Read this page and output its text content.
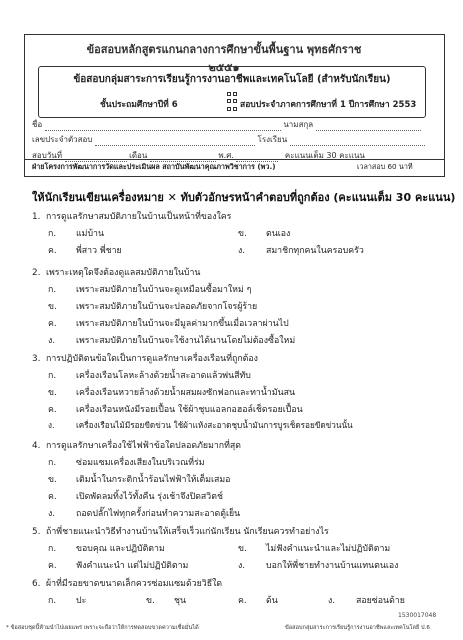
ข้อสอบหลักสูตรแกนกลางการศึกษาขั้นพื้นฐาน พุทธศักราช ๒๕๕๑
ข้อสอบกลุ่มสาระการเรียนรู้การงานอาชีพและเทคโนโลยี (สำหรับนักเรียน)
ชั้นประถมศึกษาปีที่ 6	สอบประจำภาคการศึกษาที่ 1 ปีการศึกษา 2553
ชื่อ	นามสกุล
เลขประจำตัวสอบ	โรงเรียน
สอบวันที่	เดือน	พ.ศ.	คะแนนเต็ม 30 คะแนน
ฝ่ายโครงการพัฒนาการวัดและประเมินผล สถาบันพัฒนาคุณภาพวิชาการ (พว.)	เวลาสอบ 60 นาที
ให้นักเรียนเขียนเครื่องหมาย ✕ ทับตัวอักษรหน้าคำตอบที่ถูกต้อง (คะแนนเต็ม 30 คะแนน)
1. การดูแลรักษาสมบัติภายในบ้านเป็นหน้าที่ของใคร
ก. แม่บ้าน	ข. ตนเอง
ค. พี่สาว พี่ชาย	ง. สมาชิกทุกคนในครอบครัว
2. เพราะเหตุใดจึงต้องดูแลสมบัติภายในบ้าน
ก. เพราะสมบัติภายในบ้านจะดูเหมือนซื้อมาใหม่ ๆ
ข. เพราะสมบัติภายในบ้านจะปลอดภัยจากโจรผู้ร้าย
ค. เพราะสมบัติภายในบ้านจะมีมูลค่ามากขึ้นเมื่อเวลาผ่านไป
ง. เพราะสมบัติภายในบ้านจะใช้งานได้นานโดยไม่ต้องซื้อใหม่
3. การปฏิบัติตนข้อใดเป็นการดูแลรักษาเครื่องเรือนที่ถูกต้อง
ก. เครื่องเรือนโลหะล้างด้วยน้ำสะอาดแล้วพ่นสีทับ
ข. เครื่องเรือนหวายล้างด้วยน้ำผสมผงซักฟอกและทาน้ำมันสน
ค. เครื่องเรือนหนังมีรอยเปื้อน ใช้ผ้าชุบแอลกอฮอล์เช็ดรอยเปื้อน
ง.	เครื่องเรือนไม้มีรอยขีดข่วน ใช้ผ้าแห้งสะอาดชุบน้ำมันการบูรเช็ดรอยขีดข่วนนั้น
4. การดูแลรักษาเครื่องใช้ไฟฟ้าข้อใดปลอดภัยมากที่สุด
ก. ซ่อมแซมเครื่องเสียงในบริเวณที่ร่ม
ข. เติมน้ำในกระติกน้ำร้อนไฟฟ้าให้เต็มเสมอ
ค. เปิดพัดลมทิ้งไว้ทั้งคืน รุ่งเช้าจึงปิดสวิตช์
ง. ถอดปลั๊กไฟทุกครั้งก่อนทำความสะอาดตู้เย็น
5. ถ้าพี่ชายแนะนำวิธีทำงานบ้านให้เสร็จเร็วแก่นักเรียน นักเรียนควรทำอย่างไร
ก. ขอบคุณ และปฏิบัติตาม	ข. ไม่ฟังคำแนะนำและไม่ปฏิบัติตาม
ค. ฟังคำแนะนำ แต่ไม่ปฏิบัติตาม	ง. บอกให้พี่ชายทำงานบ้านแทนตนเอง
6. ผ้าที่มีรอยขาดขนาดเล็กควรซ่อมแซมด้วยวิธีใด
ก. ปะ	ข. ชุน	ค. ด้น	ง. สอยซ่อนด้าย
1530017048
* ข้อสอบชุดนี้ห้ามนำไปเผยแพร่ เพราะจะถือว่าให้การทดสอบขาดความเชื่อมั่นได้	ข้อสอบกลุ่มสาระการเรียนรู้การงานอาชีพและเทคโนโลยี ป.6
